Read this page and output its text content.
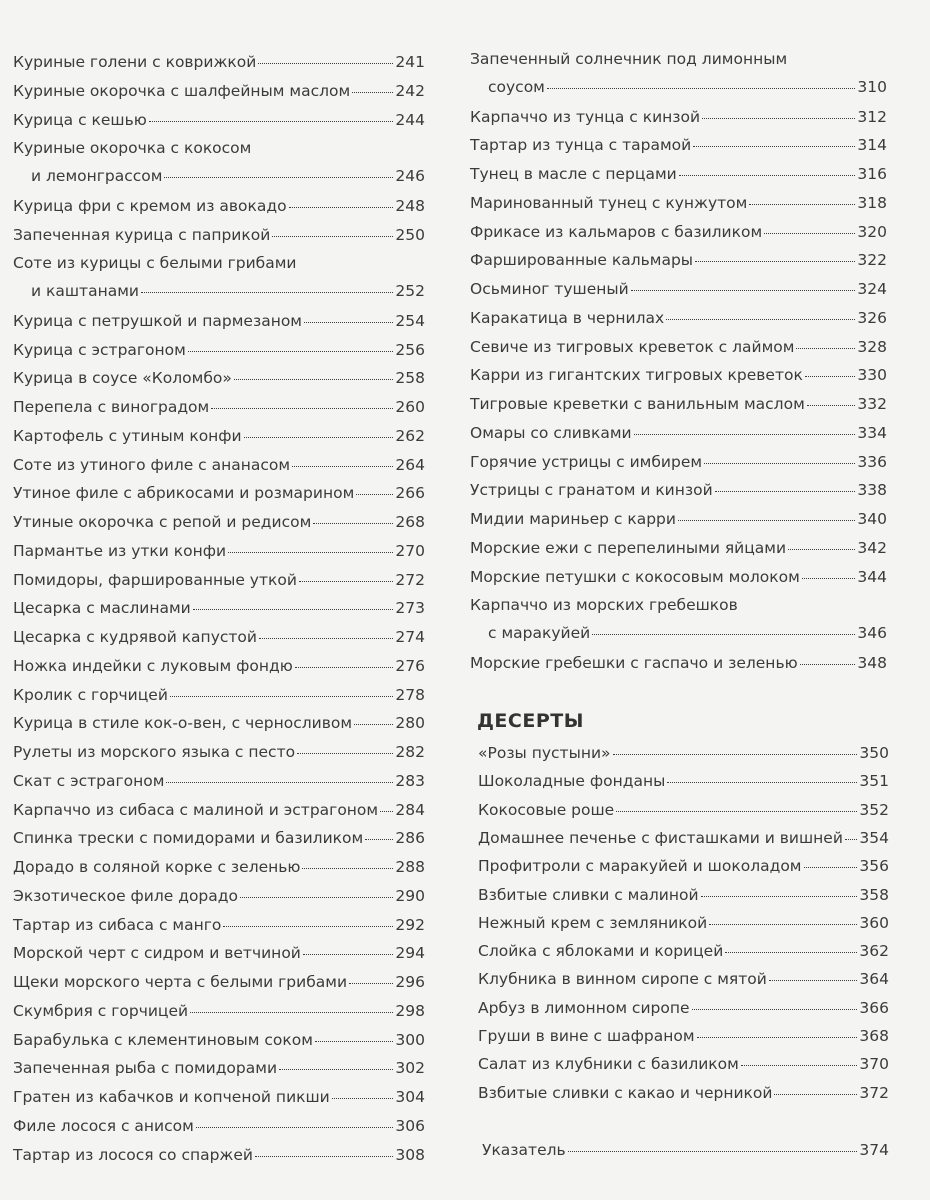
Куриные голени с коврижкой	241
Куриные окорочка с шалфейным маслом	242
Курица с кешью	244
Куриные окорочка с кокосом
и лемонграссом	246
Курица фри с кремом из авокадо	248
Запеченная курица с паприкой	250
Соте из курицы с белыми грибами
и каштанами	252
Курица с петрушкой и пармезаном	254
Курица с эстрагоном	256
Курица в соусе «Коломбо»	258
Перепела с виноградом	260
Картофель с утиным конфи	262
Соте из утиного филе с ананасом	264
Утиное филе с абрикосами и розмарином	266
Утиные окорочка с репой и редисом	268
Пармантье из утки конфи	270
Помидоры, фаршированные уткой	272
Цесарка с маслинами	273
Цесарка с кудрявой капустой	274
Ножка индейки с луковым фондю	276
Кролик с горчицей	278
Курица в стиле кок-о-вен, с черносливом	280
Рулеты из морского языка с песто	282
Скат с эстрагоном	283
Карпаччо из сибаса с малиной и эстрагоном 284
Спинка трески с помидорами и базиликом 286
Дорадо в соляной корке с зеленью	288
Экзотическое филе дорадо	290
Тартар из сибаса с манго	292
Морской черт с сидром и ветчиной	294
Щеки морского черта с белыми грибами	296
Скумбрия с горчицей	298
Барабулька с клементиновым соком	300
Запеченная рыба с помидорами	302
Гратен из кабачков и копченой пикши	304
Филе лосося с анисом	306
Тартар из лосося со спаржей	308
ДЕСЕРТЫ
Запеченный солнечник под лимонным
соусом	310
Карпаччо из тунца с кинзой	312
Тартар из тунца с тарамой	314
Тунец в масле с перцами	316
Маринованный тунец с кунжутом	318
Фрикасе из кальмаров с базиликом	320
Фаршированные кальмары	322
Осьминог тушеный	324
Каракатица в чернилах	326
Севиче из тигровых креветок с лаймом	328
Карри из гигантских тигровых креветок	330
Тигровые креветки с ванильным маслом	332
Омары со сливками	334
Горячие устрицы с имбирем	336
Устрицы с гранатом и кинзой	338
Мидии мариньер с карри	340
Морские ежи с перепелиными яйцами	342
Морские петушки с кокосовым молоком	344
Карпаччо из морских гребешков
с маракуйей	346
Морские гребешки с гаспачо и зеленью	348
«Розы пустыни»	350
Шоколадные фонданы	351
Кокосовые роше	352
Домашнее печенье с фисташками и вишней 354
Профитроли с маракуйей и шоколадом	356
Взбитые сливки с малиной	358
Нежный крем с земляникой	360
Слойка с яблоками и корицей	362
Клубника в винном сиропе с мятой	364
Арбуз в лимонном сиропе	366
Груши в вине с шафраном	368
Салат из клубники с базиликом	370
Взбитые сливки с какао и черникой	372
Указатель	374
